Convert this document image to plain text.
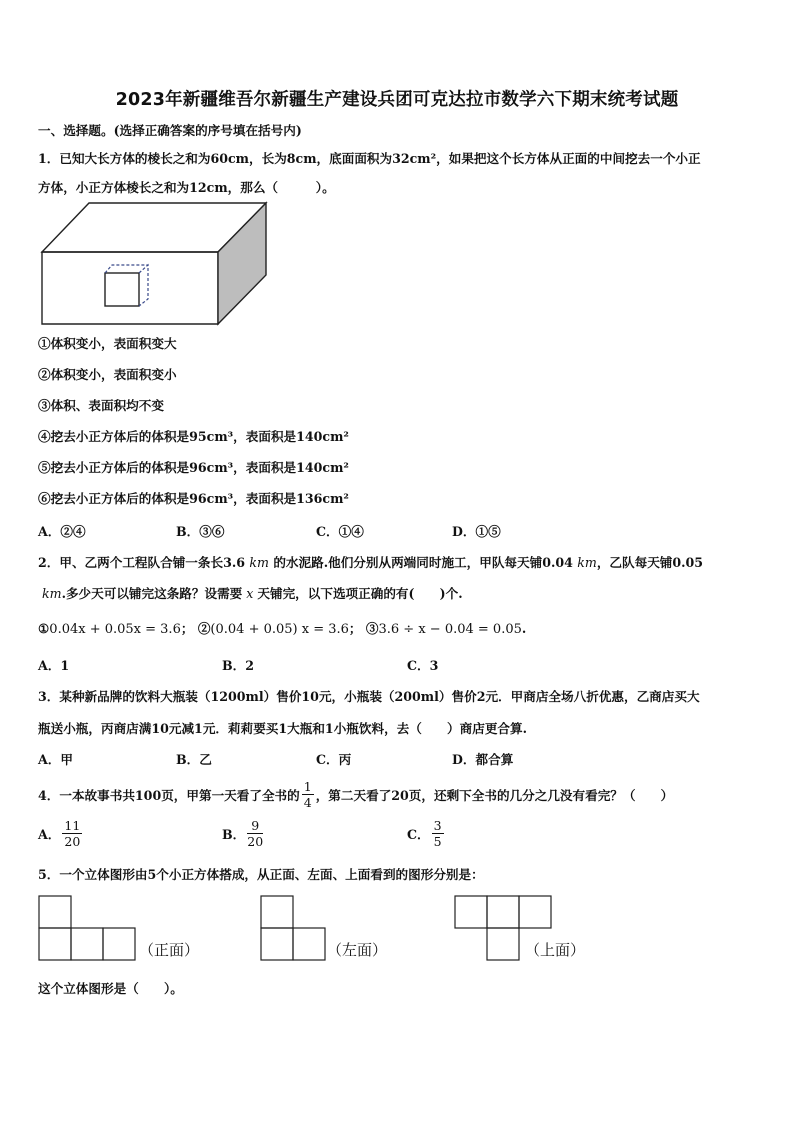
2023年新疆维吾尔新疆生产建设兵团可克达拉市数学六下期末统考试题
一、选择题。(选择正确答案的序号填在括号内)
1．已知大长方体的棱长之和为60cm，长为8cm，底面面积为32cm²，如果把这个长方体从正面的中间挖去一个小正
方体，小正方体棱长之和为12cm，那么（　　　）。
①体积变小，表面积变大
②体积变小，表面积变小
③体积、表面积均不变
④挖去小正方体后的体积是95cm³，表面积是140cm²
⑤挖去小正方体后的体积是96cm³，表面积是140cm²
⑥挖去小正方体后的体积是96cm³，表面积是136cm²
A．②④	B．③⑥	C．①④	D．①⑤
2．甲、乙两个工程队合铺一条长3.6 km 的水泥路.他们分别从两端同时施工，甲队每天铺0.04 km，乙队每天铺0.05
km.多少天可以铺完这条路？设需要 x 天铺完，以下选项正确的有(　　)个.
①0.04x + 0.05x = 3.6； ②(0.04 + 0.05) x = 3.6； ③3.6 ÷ x − 0.04 = 0.05.
A．1	B．2	C．3
3．某种新品牌的饮料大瓶装（1200ml）售价10元，小瓶装（200ml）售价2元．甲商店全场八折优惠，乙商店买大
瓶送小瓶，丙商店满10元减1元．莉莉要买1大瓶和1小瓶饮料，去（　　）商店更合算.
A．甲	B．乙	C．丙	D．都合算
4．一本故事书共100页，甲第一天看了全书的 $\frac{1}{4}$ ，第二天看了20页，还剩下全书的几分之几没有看完？（　　）
A． $\frac{11}{20}$	B． $\frac{9}{20}$	C． $\frac{3}{5}$
5．一个立体图形由5个小正方体搭成，从正面、左面、上面看到的图形分别是：
（正面）	（左面）	（上面）
这个立体图形是（　　）。
